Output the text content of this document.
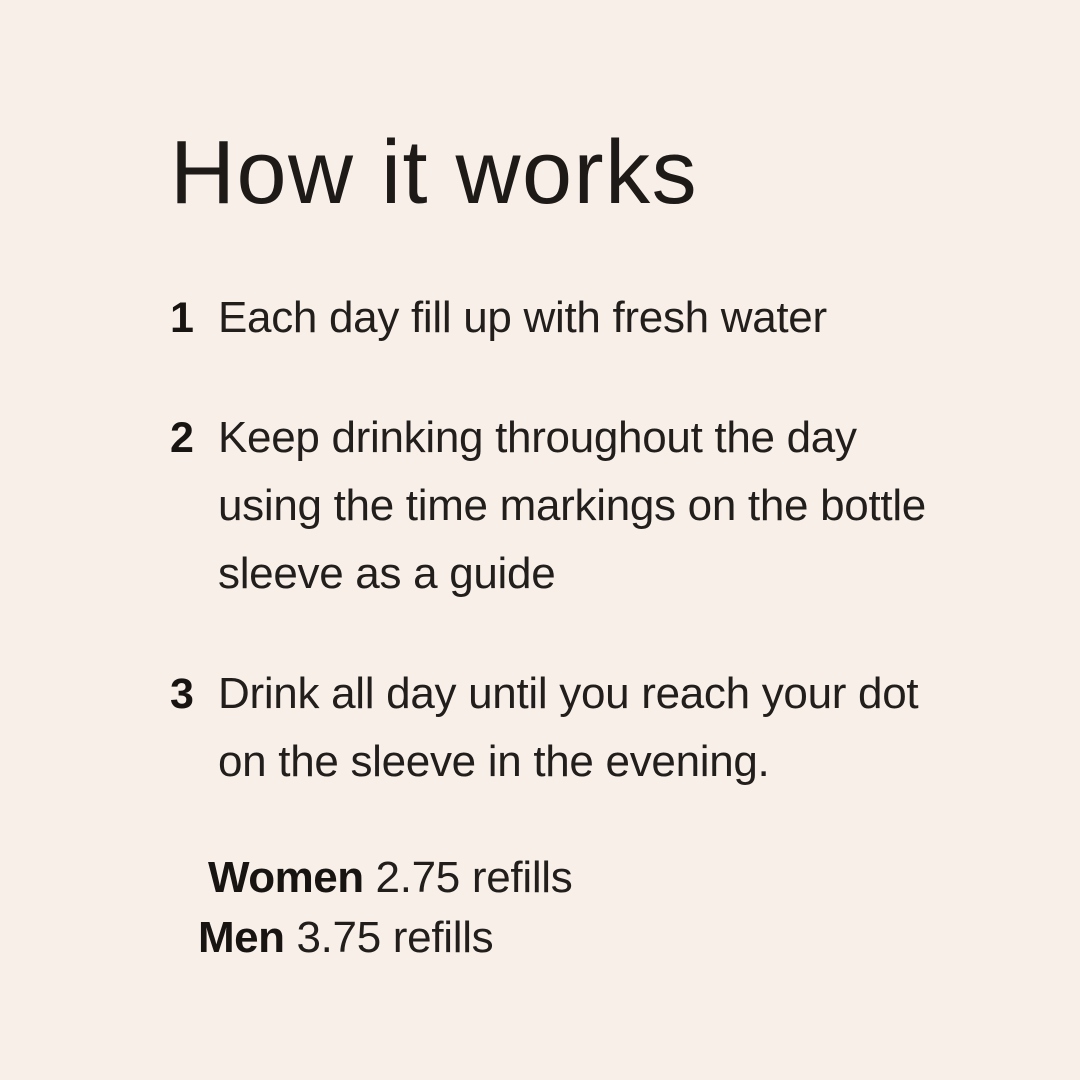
How it works
1 Each day fill up with fresh water
2 Keep drinking throughout the day
using the time markings on the bottle
sleeve as a guide
3 Drink all day until you reach your dot
on the sleeve in the evening.
Women 2.75 refills
Men 3.75 refills
